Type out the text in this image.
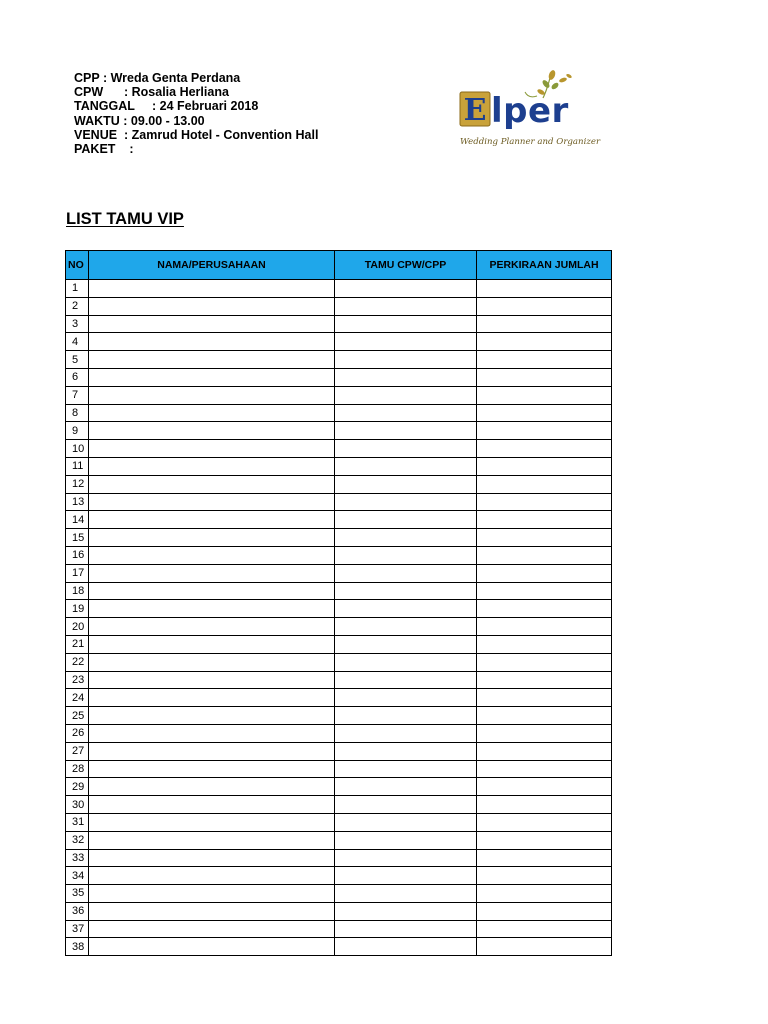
CPP : Wreda Genta Perdana
CPW      : Rosalia Herliana
TANGGAL     : 24 Februari 2018
WAKTU : 09.00 - 13.00
VENUE  : Zamrud Hotel - Convention Hall
PAKET    :
E lper
Wedding Planner and Organizer
LIST TAMU VIP
NO	NAMA/PERUSAHAAN	TAMU CPW/CPP	PERKIRAAN JUMLAH
1			
2			
3			
4			
5			
6			
7			
8			
9			
10			
11			
12			
13			
14			
15			
16			
17			
18			
19			
20			
21			
22			
23			
24			
25			
26			
27			
28			
29			
30			
31			
32			
33			
34			
35			
36			
37			
38			
